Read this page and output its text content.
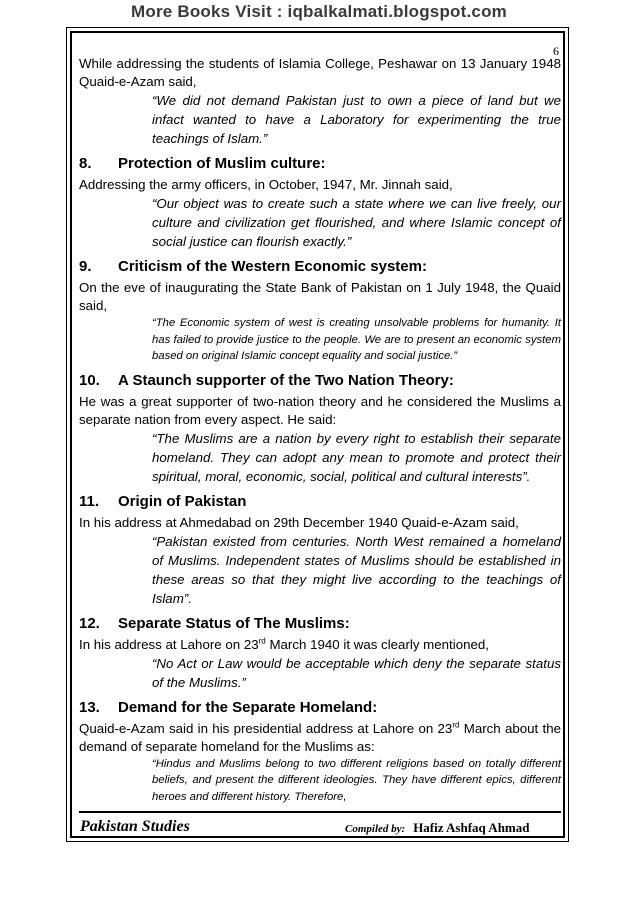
More Books Visit : iqbalkalmati.blogspot.com
6

While addressing the students of Islamia College, Peshawar on 13 January 1948 Quaid-e-Azam said,

“We did not demand Pakistan just to own a piece of land but we infact wanted to have a Laboratory for experimenting the true teachings of Islam.”

8. Protection of Muslim culture:

Addressing the army officers, in October, 1947, Mr. Jinnah said,

“Our object was to create such a state where we can live freely, our culture and civilization get flourished, and where Islamic concept of social justice can flourish exactly.”

9. Criticism of the Western Economic system:

On the eve of inaugurating the State Bank of Pakistan on 1 July 1948, the Quaid said,

“The Economic system of west is creating unsolvable problems for humanity. It has failed to provide justice to the people. We are to present an economic system based on original Islamic concept equality and social justice.”

10. A Staunch supporter of the Two Nation Theory:

He was a great supporter of two-nation theory and he considered the Muslims a separate nation from every aspect. He said:

“The Muslims are a nation by every right to establish their separate homeland. They can adopt any mean to promote and protect their spiritual, moral, economic, social, political and cultural interests”.

11. Origin of Pakistan

In his address at Ahmedabad on 29th December 1940 Quaid-e-Azam said,

“Pakistan existed from centuries. North West remained a homeland of Muslims. Independent states of Muslims should be established in these areas so that they might live according to the teachings of Islam”.

12. Separate Status of The Muslims:

In his address at Lahore on 23rd March 1940 it was clearly mentioned,

“No Act or Law would be acceptable which deny the separate status of the Muslims.”

13. Demand for the Separate Homeland:

Quaid-e-Azam said in his presidential address at Lahore on 23rd March about the demand of separate homeland for the Muslims as:

“Hindus and Muslims belong to two different religions based on totally different beliefs, and present the different ideologies. They have different epics, different heroes and different history. Therefore,

Pakistan Studies	Compiled by: Hafiz Ashfaq Ahmad
